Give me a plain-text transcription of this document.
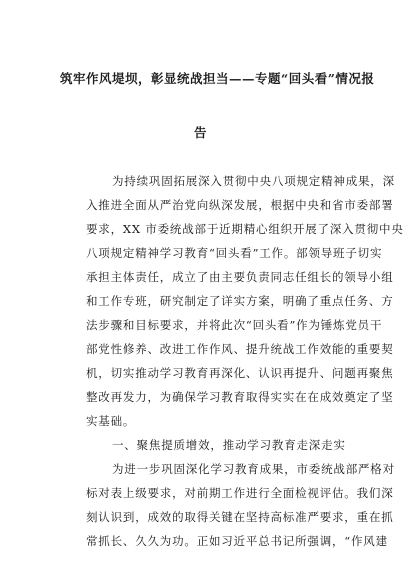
筑牢作风堤坝，彰显统战担当——专题“回头看”情况报
告
为持续巩固拓展深入贯彻中央八项规定精神成果，深
入推进全面从严治党向纵深发展，根据中央和省市委部署
要求，XX 市委统战部于近期精心组织开展了深入贯彻中央
八项规定精神学习教育“回头看”工作。部领导班子切实
承担主体责任，成立了由主要负责同志任组长的领导小组
和工作专班，研究制定了详实方案，明确了重点任务、方
法步骤和目标要求，并将此次“回头看”作为锤炼党员干
部党性修养、改进工作作风、提升统战工作效能的重要契
机，切实推动学习教育再深化、认识再提升、问题再聚焦
整改再发力，为确保学习教育取得实实在在成效奠定了坚
实基础。
一、聚焦提质增效，推动学习教育走深走实
为进一步巩固深化学习教育成果，市委统战部严格对
标对表上级要求，对前期工作进行全面检视评估。我们深
刻认识到，成效的取得关键在坚持高标准严要求，重在抓
常抓长、久久为功。正如习近平总书记所强调，“作风建
